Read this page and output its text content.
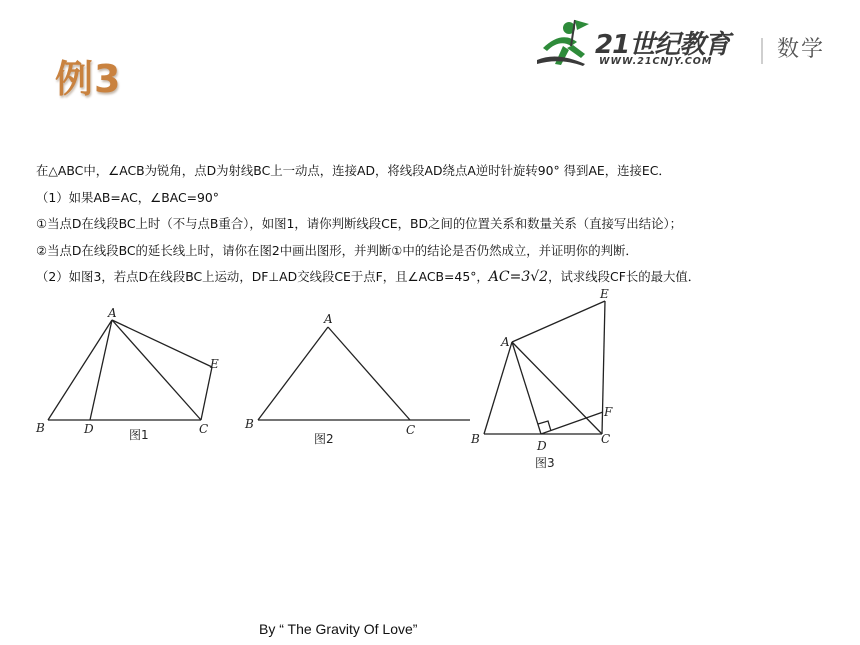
例3
21世纪教育
WWW.21CNJY.COM	数学
在△ABC中，∠ACB为锐角，点D为射线BC上一动点，连接AD，将线段AD绕点A逆时针旋转90° 得到AE，连接EC．
（1）如果AB=AC，∠BAC=90°
①当点D在线段BC上时（不与点B重合），如图1，请你判断线段CE，BD之间的位置关系和数量关系（直接写出结论）；
②当点D在线段BC的延长线上时，请你在图2中画出图形，并判断①中的结论是否仍然成立，并证明你的判断．
（2）如图3，若点D在线段BC上运动，DF⊥AD交线段CE于点F，且∠ACB=45°，AC=3√2，试求线段CF长的最大值．
A
B	D	C
E
图1
A
B	C
图2
A
B	D	C
E
F
图3
By “ The Gravity Of Love”
